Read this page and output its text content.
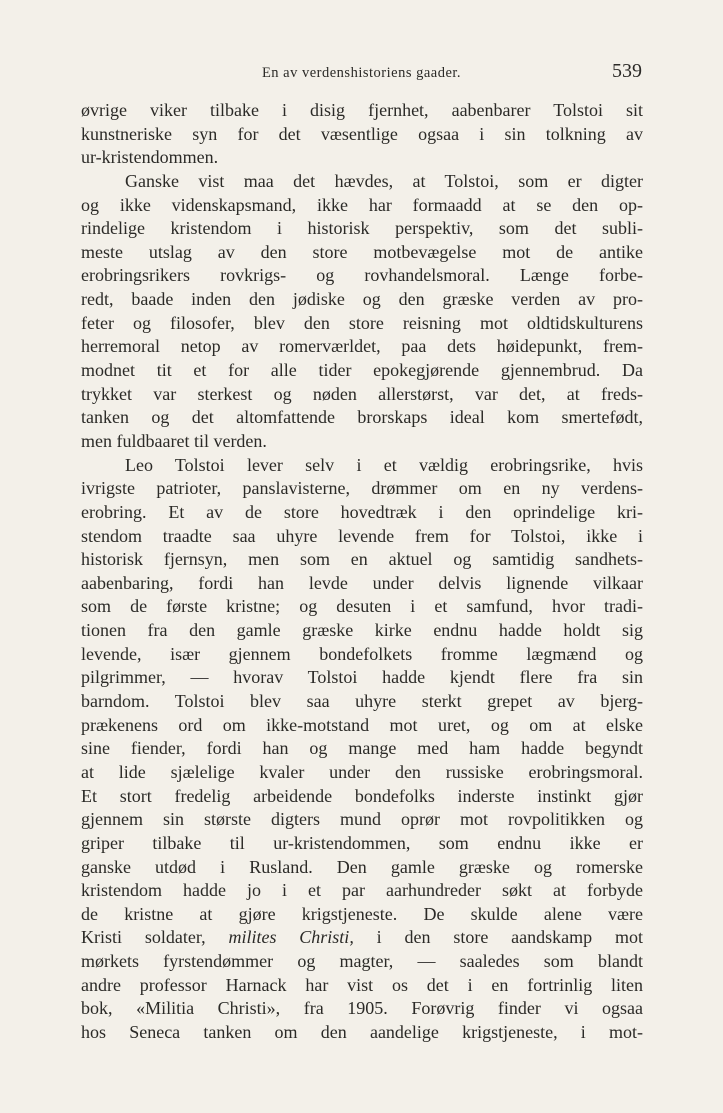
En av verdenshistoriens gaader.	539
øvrige viker tilbake i disig fjernhet, aabenbarer Tolstoi sit
kunstneriske syn for det væsentlige ogsaa i sin tolkning av
ur-kristendommen.
Ganske vist maa det hævdes, at Tolstoi, som er digter
og ikke videnskapsmand, ikke har formaadd at se den op-
rindelige kristendom i historisk perspektiv, som det subli-
meste utslag av den store motbevægelse mot de antike
erobringsrikers rovkrigs- og rovhandelsmoral. Længe forbe-
redt, baade inden den jødiske og den græske verden av pro-
feter og filosofer, blev den store reisning mot oldtidskulturens
herremoral netop av romerværldet, paa dets høidepunkt, frem-
modnet tit et for alle tider epokegjørende gjennembrud. Da
trykket var sterkest og nøden allerstørst, var det, at freds-
tanken og det altomfattende brorskaps ideal kom smertefødt,
men fuldbaaret til verden.
Leo Tolstoi lever selv i et vældig erobringsrike, hvis
ivrigste patrioter, panslavisterne, drømmer om en ny verdens-
erobring. Et av de store hovedtræk i den oprindelige kri-
stendom traadte saa uhyre levende frem for Tolstoi, ikke i
historisk fjernsyn, men som en aktuel og samtidig sandhets-
aabenbaring, fordi han levde under delvis lignende vilkaar
som de første kristne; og desuten i et samfund, hvor tradi-
tionen fra den gamle græske kirke endnu hadde holdt sig
levende, især gjennem bondefolkets fromme lægmænd og
pilgrimmer, — hvorav Tolstoi hadde kjendt flere fra sin
barndom. Tolstoi blev saa uhyre sterkt grepet av bjerg-
prækenens ord om ikke-motstand mot uret, og om at elske
sine fiender, fordi han og mange med ham hadde begyndt
at lide sjælelige kvaler under den russiske erobringsmoral.
Et stort fredelig arbeidende bondefolks inderste instinkt gjør
gjennem sin største digters mund oprør mot rovpolitikken og
griper tilbake til ur-kristendommen, som endnu ikke er
ganske utdød i Rusland. Den gamle græske og romerske
kristendom hadde jo i et par aarhundreder søkt at forbyde
de kristne at gjøre krigstjeneste. De skulde alene være
Kristi soldater, milites Christi, i den store aandskamp mot
mørkets fyrstendømmer og magter, — saaledes som blandt
andre professor Harnack har vist os det i en fortrinlig liten
bok, «Militia Christi», fra 1905. Forøvrig finder vi ogsaa
hos Seneca tanken om den aandelige krigstjeneste, i mot-
